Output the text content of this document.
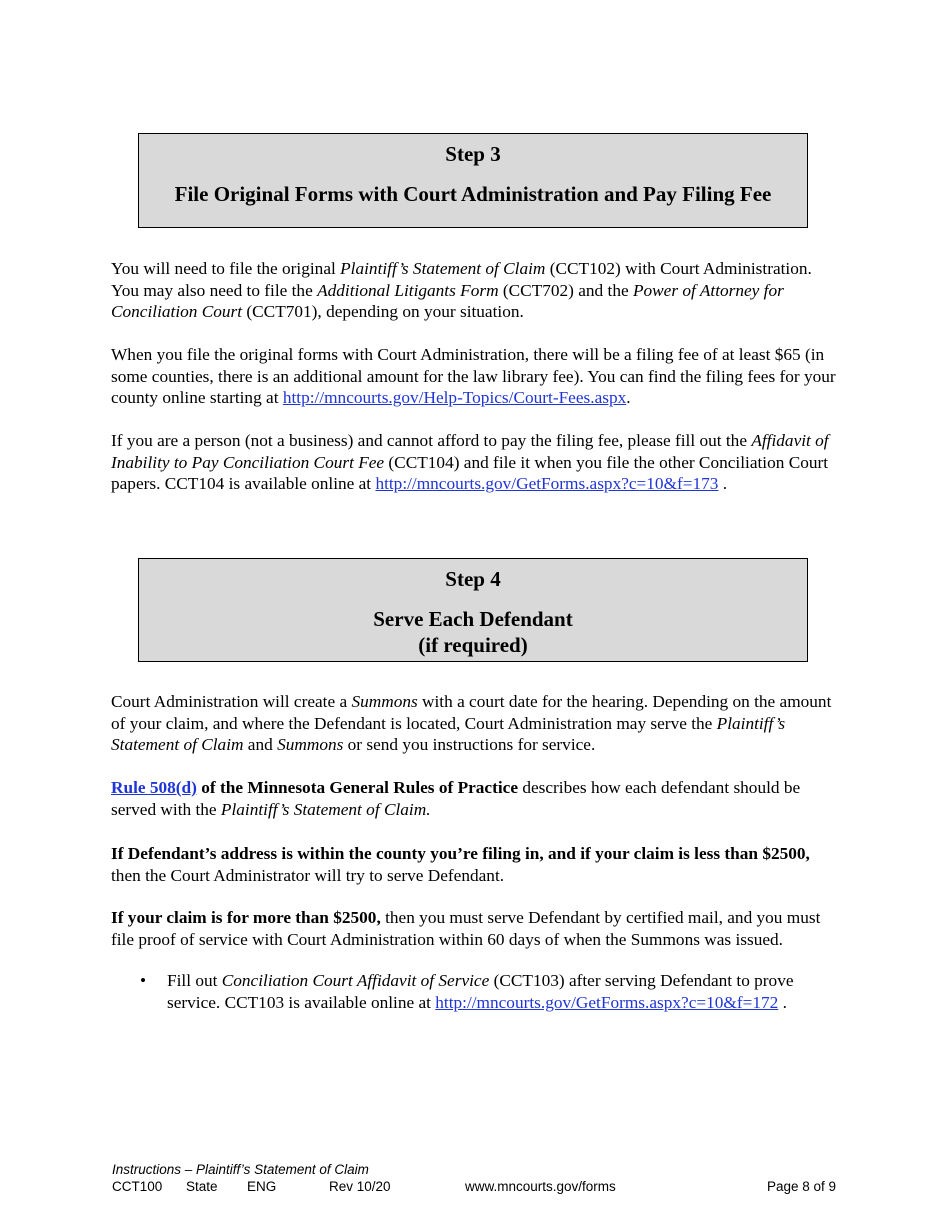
Step 3
File Original Forms with Court Administration and Pay Filing Fee

You will need to file the original Plaintiff’s Statement of Claim (CCT102) with Court Administration. You may also need to file the Additional Litigants Form (CCT702) and the Power of Attorney for Conciliation Court (CCT701), depending on your situation.

When you file the original forms with Court Administration, there will be a filing fee of at least $65 (in some counties, there is an additional amount for the law library fee). You can find the filing fees for your county online starting at http://mncourts.gov/Help-Topics/Court-Fees.aspx.

If you are a person (not a business) and cannot afford to pay the filing fee, please fill out the Affidavit of Inability to Pay Conciliation Court Fee (CCT104) and file it when you file the other Conciliation Court papers. CCT104 is available online at http://mncourts.gov/GetForms.aspx?c=10&f=173 .

Step 4
Serve Each Defendant
(if required)

Court Administration will create a Summons with a court date for the hearing. Depending on the amount of your claim, and where the Defendant is located, Court Administration may serve the Plaintiff’s Statement of Claim and Summons or send you instructions for service.

Rule 508(d) of the Minnesota General Rules of Practice describes how each defendant should be served with the Plaintiff’s Statement of Claim.

If Defendant’s address is within the county you’re filing in, and if your claim is less than $2500, then the Court Administrator will try to serve Defendant.

If your claim is for more than $2500, then you must serve Defendant by certified mail, and you must file proof of service with Court Administration within 60 days of when the Summons was issued.

• Fill out Conciliation Court Affidavit of Service (CCT103) after serving Defendant to prove service. CCT103 is available online at http://mncourts.gov/GetForms.aspx?c=10&f=172 .
Instructions – Plaintiff’s Statement of Claim
CCT100 State ENG	Rev 10/20	www.mncourts.gov/forms	Page 8 of 9
